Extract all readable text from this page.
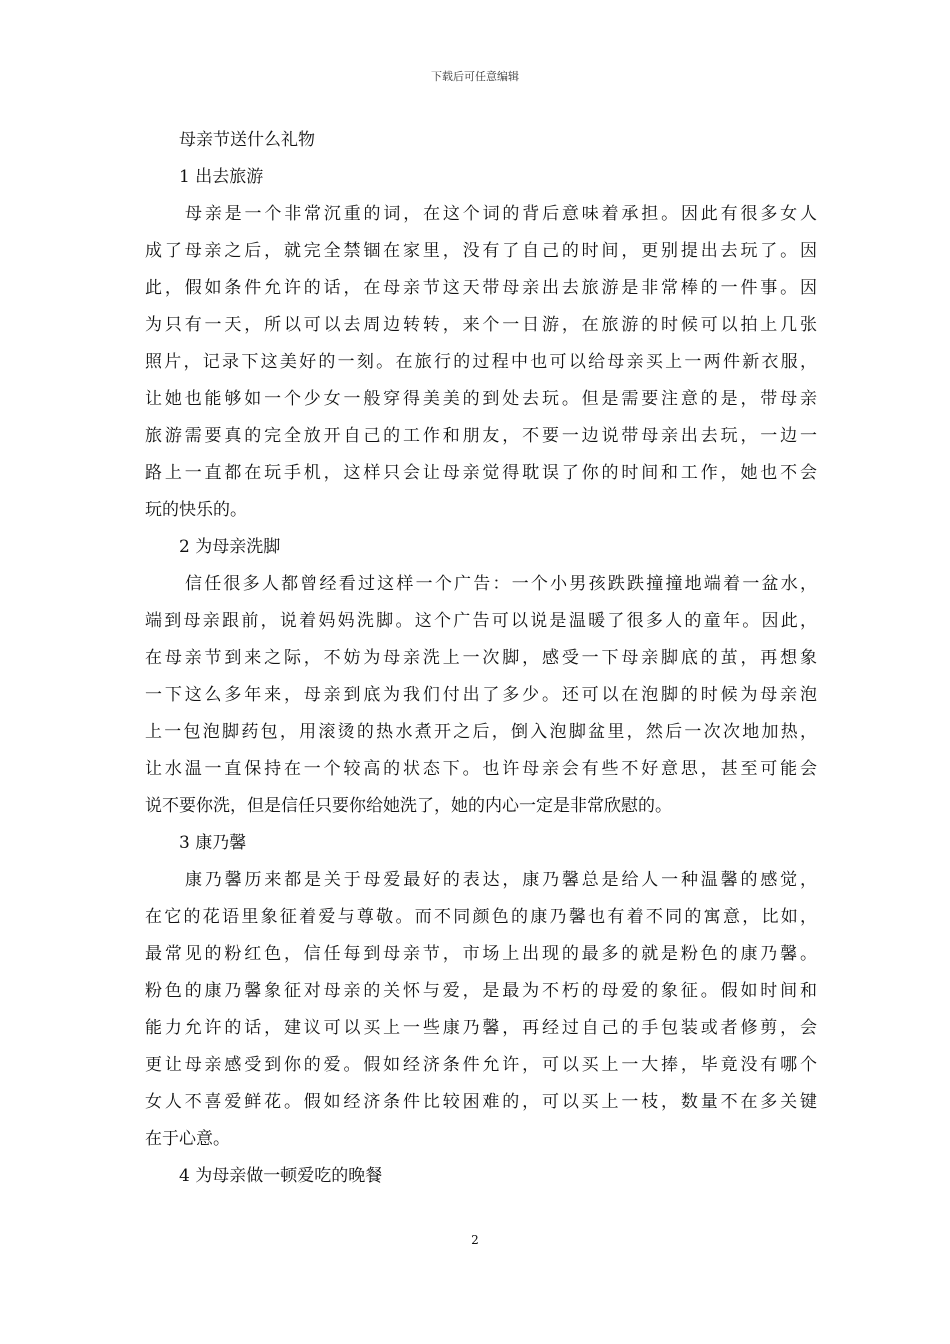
下载后可任意编辑
母亲节送什么礼物
1 出去旅游
母亲是一个非常沉重的词，在这个词的背后意味着承担。因此有很多女人
成了母亲之后，就完全禁锢在家里，没有了自己的时间，更别提出去玩了。因
此，假如条件允许的话，在母亲节这天带母亲出去旅游是非常棒的一件事。因
为只有一天，所以可以去周边转转，来个一日游，在旅游的时候可以拍上几张
照片，记录下这美好的一刻。在旅行的过程中也可以给母亲买上一两件新衣服，
让她也能够如一个少女一般穿得美美的到处去玩。但是需要注意的是，带母亲
旅游需要真的完全放开自己的工作和朋友，不要一边说带母亲出去玩，一边一
路上一直都在玩手机，这样只会让母亲觉得耽误了你的时间和工作，她也不会
玩的快乐的。
2 为母亲洗脚
信任很多人都曾经看过这样一个广告：一个小男孩跌跌撞撞地端着一盆水，
端到母亲跟前，说着妈妈洗脚。这个广告可以说是温暖了很多人的童年。因此，
在母亲节到来之际，不妨为母亲洗上一次脚，感受一下母亲脚底的茧，再想象
一下这么多年来，母亲到底为我们付出了多少。还可以在泡脚的时候为母亲泡
上一包泡脚药包，用滚烫的热水煮开之后，倒入泡脚盆里，然后一次次地加热，
让水温一直保持在一个较高的状态下。也许母亲会有些不好意思，甚至可能会
说不要你洗，但是信任只要你给她洗了，她的内心一定是非常欣慰的。
3 康乃馨
康乃馨历来都是关于母爱最好的表达，康乃馨总是给人一种温馨的感觉，
在它的花语里象征着爱与尊敬。而不同颜色的康乃馨也有着不同的寓意，比如，
最常见的粉红色，信任每到母亲节，市场上出现的最多的就是粉色的康乃馨。
粉色的康乃馨象征对母亲的关怀与爱，是最为不朽的母爱的象征。假如时间和
能力允许的话，建议可以买上一些康乃馨，再经过自己的手包装或者修剪，会
更让母亲感受到你的爱。假如经济条件允许，可以买上一大捧，毕竟没有哪个
女人不喜爱鲜花。假如经济条件比较困难的，可以买上一枝，数量不在多关键
在于心意。
4 为母亲做一顿爱吃的晚餐
2
